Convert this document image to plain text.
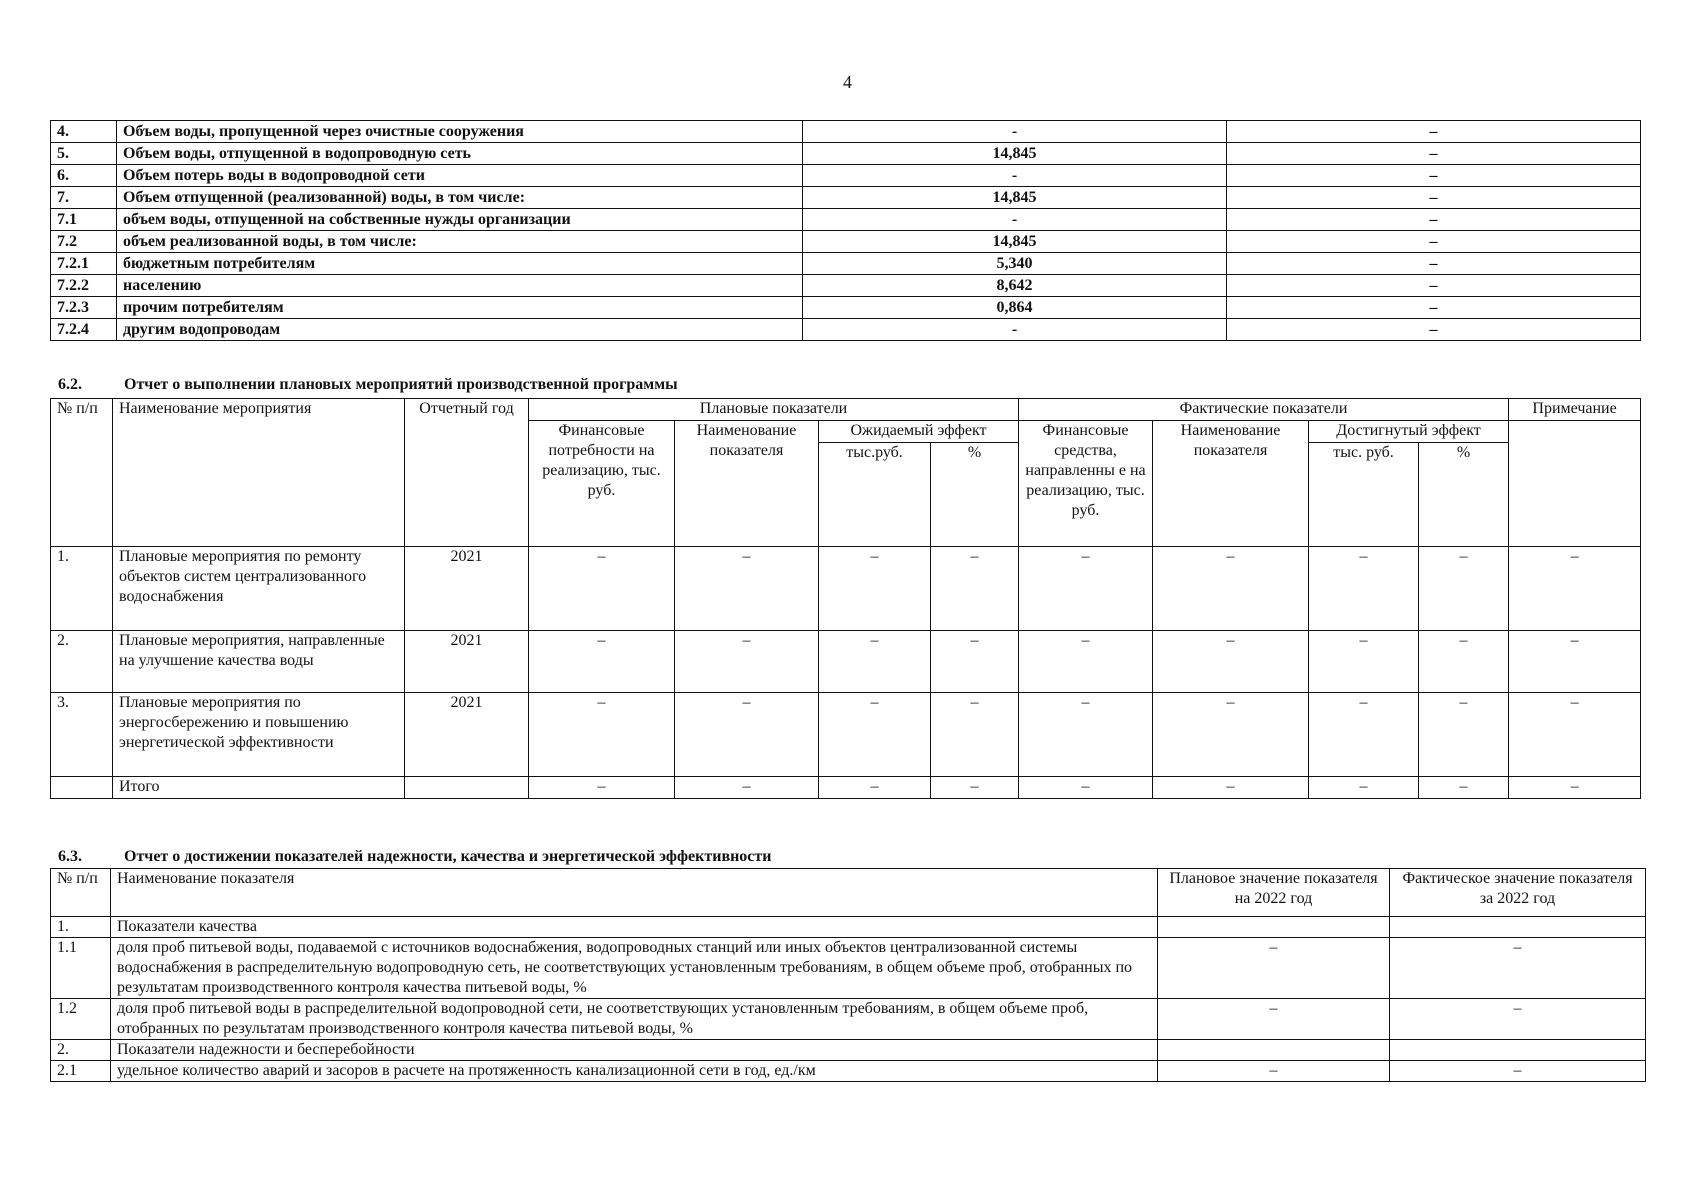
4
4.	Объем воды, пропущенной через очистные сооружения	-	–
5.	Объем воды, отпущенной в водопроводную сеть	14,845	–
6.	Объем потерь воды в водопроводной сети	-	–
7.	Объем отпущенной (реализованной) воды, в том числе:	14,845	–
7.1	объем воды, отпущенной на собственные нужды организации	-	–
7.2	объем реализованной воды, в том числе:	14,845	–
7.2.1	бюджетным потребителям	5,340	–
7.2.2	населению	8,642	–
7.2.3	прочим потребителям	0,864	–
7.2.4	другим водопроводам	-	–
6.2.	Отчет о выполнении плановых мероприятий производственной программы
№ п/п	Наименование мероприятия	Отчетный год	Плановые показатели				Фактические показатели				Примечание
			Финансовые потребности на реализацию, тыс. руб.	Наименование показателя	Ожидаемый эффект		Финансовые средства, направленны е на реализацию, тыс. руб.	Наименование показателя	Достигнутый эффект		
					тыс.руб.	%			тыс. руб.	%	
1.	Плановые мероприятия по ремонту объектов систем централизованного водоснабжения	2021	–	–	–	–	–	–	–	–	–
2.	Плановые мероприятия, направленные на улучшение качества воды	2021	–	–	–	–	–	–	–	–	–
3.	Плановые мероприятия по энергосбережению и повышению энергетической эффективности	2021	–	–	–	–	–	–	–	–	–
	Итого		–	–	–	–	–	–	–	–	–
6.3.	Отчет о достижении показателей надежности, качества и энергетической эффективности
№ п/п	Наименование показателя	Плановое значение показателя на 2022 год	Фактическое значение показателя за 2022 год
1.	Показатели качества		
1.1	доля проб питьевой воды, подаваемой с источников водоснабжения, водопроводных станций или иных объектов централизованной системы водоснабжения в распределительную водопроводную сеть, не соответствующих установленным требованиям, в общем объеме проб, отобранных по результатам производственного контроля качества питьевой воды, %	–	–
1.2	доля проб питьевой воды в распределительной водопроводной сети, не соответствующих установленным требованиям, в общем объеме проб, отобранных по результатам производственного контроля качества питьевой воды, %	–	–
2.	Показатели надежности и бесперебойности		
2.1	удельное количество аварий и засоров в расчете на протяженность канализационной сети в год, ед./км	–	–
